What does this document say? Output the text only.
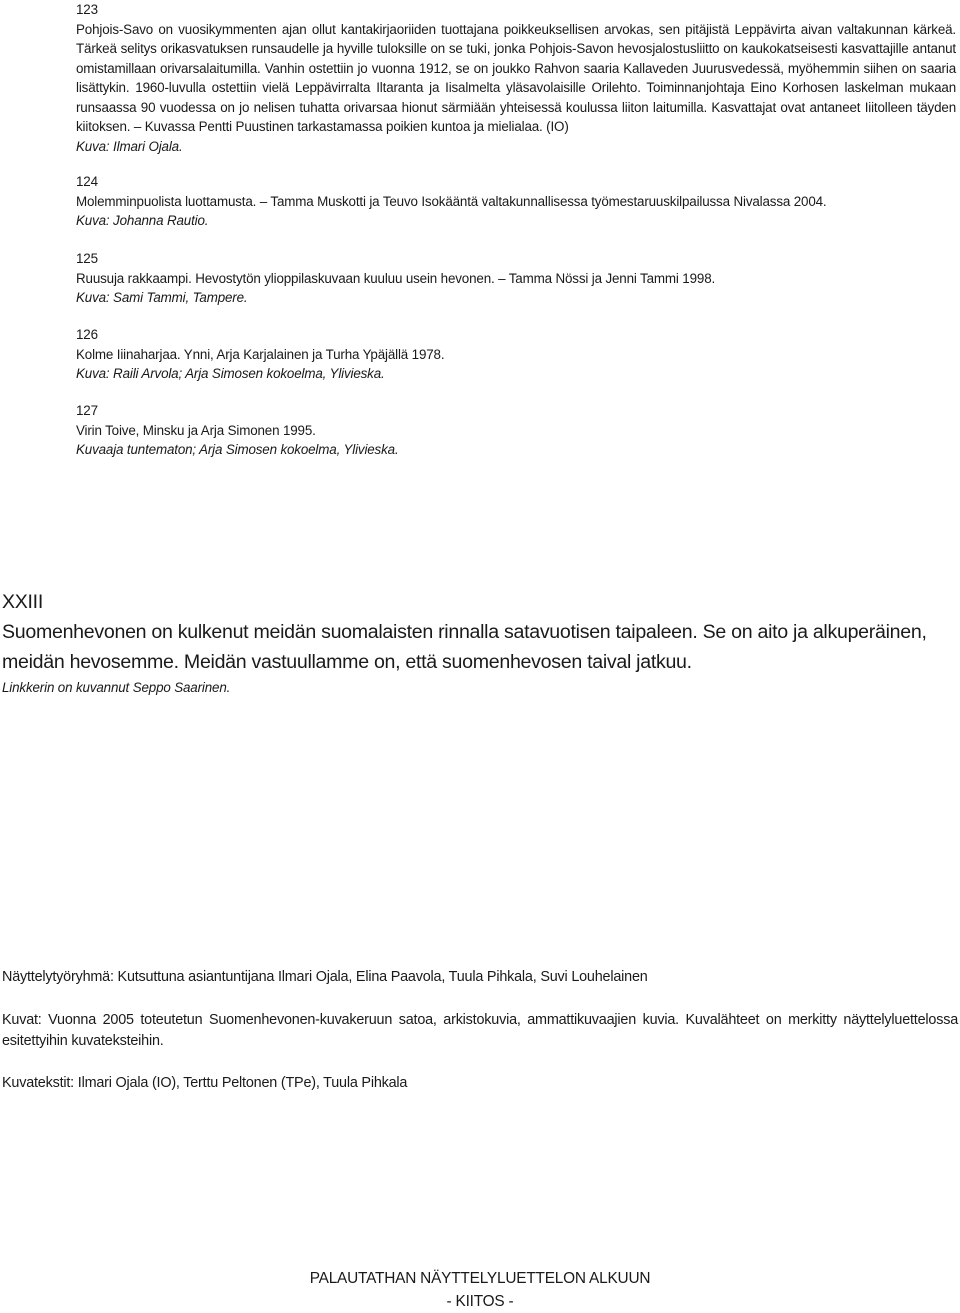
123

Pohjois-Savo on vuosikymmenten ajan ollut kantakirjaoriiden tuottajana poikkeuksellisen arvokas, sen pitäjistä Leppävirta aivan valtakunnan kärkeä. Tärkeä selitys orikasvatuksen runsaudelle ja hyville tuloksille on se tuki, jonka Pohjois-Savon hevosjalostusliitto on kaukokatseisesti kasvattajille antanut omistamillaan orivarsalaitumilla. Vanhin ostettiin jo vuonna 1912, se on joukko Rahvon saaria Kallaveden Juurusvedessä, myöhemmin siihen on saaria lisättykin. 1960-luvulla ostettiin vielä Leppävirralta Iltaranta ja Iisalmelta yläsavolaisille Orilehto. Toiminnanjohtaja Eino Korhosen laskelman mukaan runsaassa 90 vuodessa on jo nelisen tuhatta orivarsaa hionut särmiään yhteisessä koulussa liiton laitumilla. Kasvattajat ovat antaneet Iiitolleen täyden kiitoksen. – Kuvassa Pentti Puustinen tarkastamassa poikien kuntoa ja mielialaa. (IO)

Kuva: Ilmari Ojala.

124

Molemminpuolista luottamusta. – Tamma Muskotti ja Teuvo Isokääntä valtakunnallisessa työmestaruuskilpailussa Nivalassa 2004.

Kuva: Johanna Rautio.

125

Ruusuja rakkaampi. Hevostytön ylioppilaskuvaan kuuluu usein hevonen. – Tamma Nössi ja Jenni Tammi 1998.

Kuva: Sami Tammi, Tampere.

126

Kolme Iiinaharjaa. Ynni, Arja Karjalainen ja Turha Ypäjällä 1978.

Kuva: Raili Arvola; Arja Simosen kokoelma, Ylivieska.

127

Virin Toive, Minsku ja Arja Simonen 1995.

Kuvaaja tuntematon; Arja Simosen kokoelma, Ylivieska.

XXIII

Suomenhevonen on kulkenut meidän suomalaisten rinnalla satavuotisen taipaleen. Se on aito ja alkuperäinen, meidän hevosemme. Meidän vastuullamme on, että suomenhevosen taival jatkuu.

Linkkerin on kuvannut Seppo Saarinen.

Näyttelytyöryhmä: Kutsuttuna asiantuntijana Ilmari Ojala, Elina Paavola, Tuula Pihkala, Suvi Louhelainen

Kuvat: Vuonna 2005 toteutetun Suomenhevonen-kuvakeruun satoa, arkistokuvia, ammattikuvaajien kuvia. Kuvalähteet on merkitty näyttelyluettelossa esitettyihin kuvateksteihin.

Kuvatekstit: Ilmari Ojala (IO), Terttu Peltonen (TPe), Tuula Pihkala

PALAUTATHAN NÄYTTELYLUETTELON ALKUUN

- KIITOS -
